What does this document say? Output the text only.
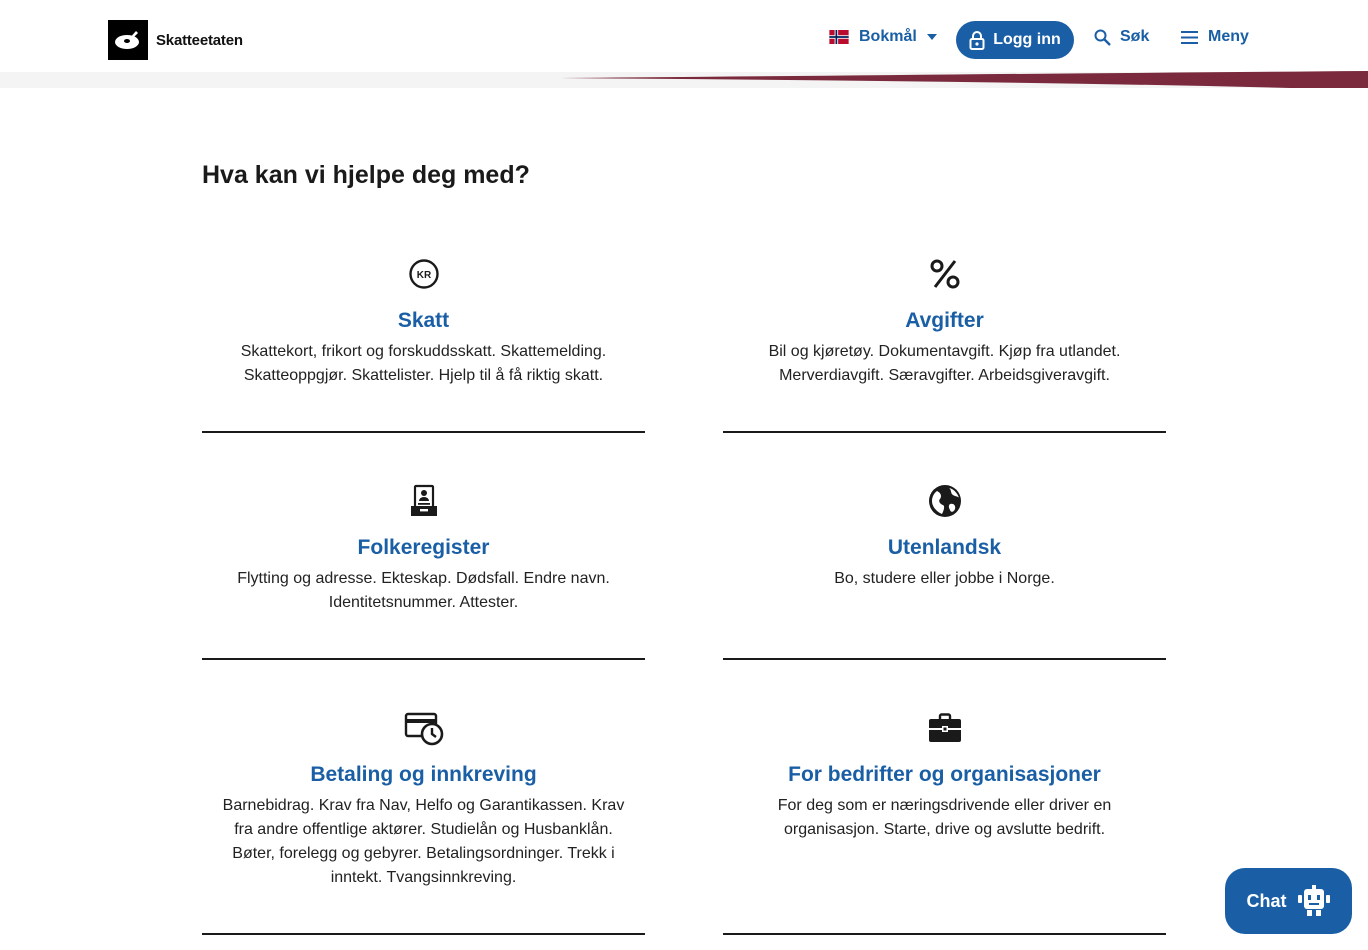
Skatteetaten	Bokmål	Logg inn	Søk	Meny
Hva kan vi hjelpe deg med?
KR
Skatt
Skattekort, frikort og forskuddsskatt. Skattemelding. Skatteoppgjør. Skattelister. Hjelp til å få riktig skatt.
Avgifter
Bil og kjøretøy. Dokumentavgift. Kjøp fra utlandet. Merverdiavgift. Særavgifter. Arbeidsgiveravgift.
Folkeregister
Flytting og adresse. Ekteskap. Dødsfall. Endre navn. Identitetsnummer. Attester.
Utenlandsk
Bo, studere eller jobbe i Norge.
Betaling og innkreving
Barnebidrag. Krav fra Nav, Helfo og Garantikassen. Krav fra andre offentlige aktører. Studielån og Husbanklån. Bøter, forelegg og gebyrer. Betalingsordninger. Trekk i inntekt. Tvangsinnkreving.
For bedrifter og organisasjoner
For deg som er næringsdrivende eller driver en organisasjon. Starte, drive og avslutte bedrift.
Chat
